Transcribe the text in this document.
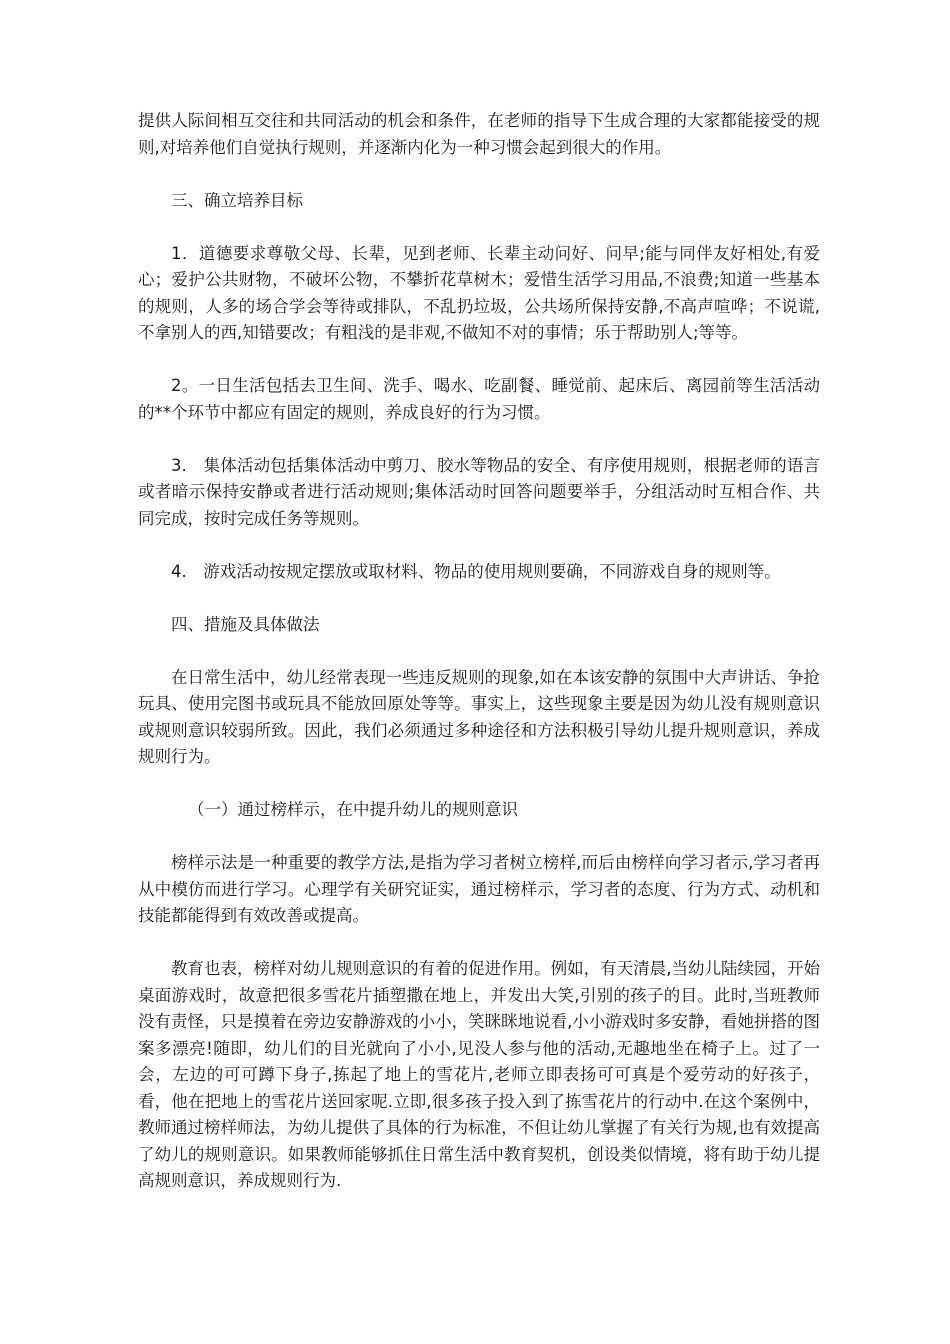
提供人际间相互交往和共同活动的机会和条件，在老师的指导下生成合理的大家都能接受的规则,对培养他们自觉执行规则，并逐渐内化为一种习惯会起到很大的作用。

三、确立培养目标

1．道德要求尊敬父母、长辈，见到老师、长辈主动问好、问早;能与同伴友好相处,有爱心；爱护公共财物，不破坏公物，不攀折花草树木；爱惜生活学习用品,不浪费;知道一些基本的规则，人多的场合学会等待或排队，不乱扔垃圾，公共场所保持安静,不高声喧哗；不说谎,不拿别人的西,知错要改；有粗浅的是非观,不做知不对的事情；乐于帮助别人;等等。

2。一日生活包括去卫生间、洗手、喝水、吃副餐、睡觉前、起床后、离园前等生活活动的**个环节中都应有固定的规则，养成良好的行为习惯。

3.　集体活动包括集体活动中剪刀、胶水等物品的安全、有序使用规则，根据老师的语言或者暗示保持安静或者进行活动规则;集体活动时回答问题要举手，分组活动时互相合作、共同完成，按时完成任务等规则。

4.　游戏活动按规定摆放或取材料、物品的使用规则要确，不同游戏自身的规则等。

四、措施及具体做法

在日常生活中，幼儿经常表现一些违反规则的现象,如在本该安静的氛围中大声讲话、争抢玩具、使用完图书或玩具不能放回原处等等。事实上，这些现象主要是因为幼儿没有规则意识或规则意识较弱所致。因此，我们必须通过多种途径和方法积极引导幼儿提升规则意识，养成规则行为。

（一）通过榜样示，在中提升幼儿的规则意识

榜样示法是一种重要的教学方法,是指为学习者树立榜样,而后由榜样向学习者示,学习者再从中模仿而进行学习。心理学有关研究证实，通过榜样示，学习者的态度、行为方式、动机和技能都能得到有效改善或提高。

教育也表，榜样对幼儿规则意识的有着的促进作用。例如，有天清晨,当幼儿陆续园，开始桌面游戏时，故意把很多雪花片插塑撒在地上，并发出大笑,引别的孩子的目。此时,当班教师没有责怪，只是摸着在旁边安静游戏的小小，笑眯眯地说看,小小游戏时多安静，看她拼搭的图案多漂亮!随即，幼儿们的目光就向了小小,见没人参与他的活动,无趣地坐在椅子上。过了一会，左边的可可蹲下身子,拣起了地上的雪花片,老师立即表扬可可真是个爱劳动的好孩子，看，他在把地上的雪花片送回家呢.立即,很多孩子投入到了拣雪花片的行动中.在这个案例中，教师通过榜样师法，为幼儿提供了具体的行为标准，不但让幼儿掌握了有关行为规,也有效提高了幼儿的规则意识。如果教师能够抓住日常生活中教育契机，创设类似情境，将有助于幼儿提高规则意识，养成规则行为.
